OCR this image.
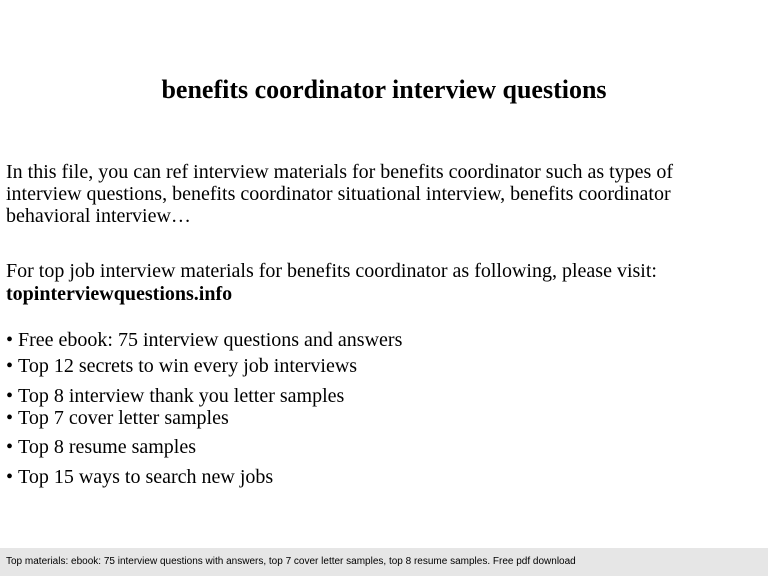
benefits coordinator interview questions

In this file, you can ref interview materials for benefits coordinator such as types of
interview questions, benefits coordinator situational interview, benefits coordinator
behavioral interview…

For top job interview materials for benefits coordinator as following, please visit:
topinterviewquestions.info

• Free ebook: 75 interview questions and answers
• Top 12 secrets to win every job interviews
• Top 8 interview thank you letter samples
• Top 7 cover letter samples
• Top 8 resume samples
• Top 15 ways to search new jobs
Top materials: ebook: 75 interview questions with answers, top 7 cover letter samples, top 8 resume samples. Free pdf download
